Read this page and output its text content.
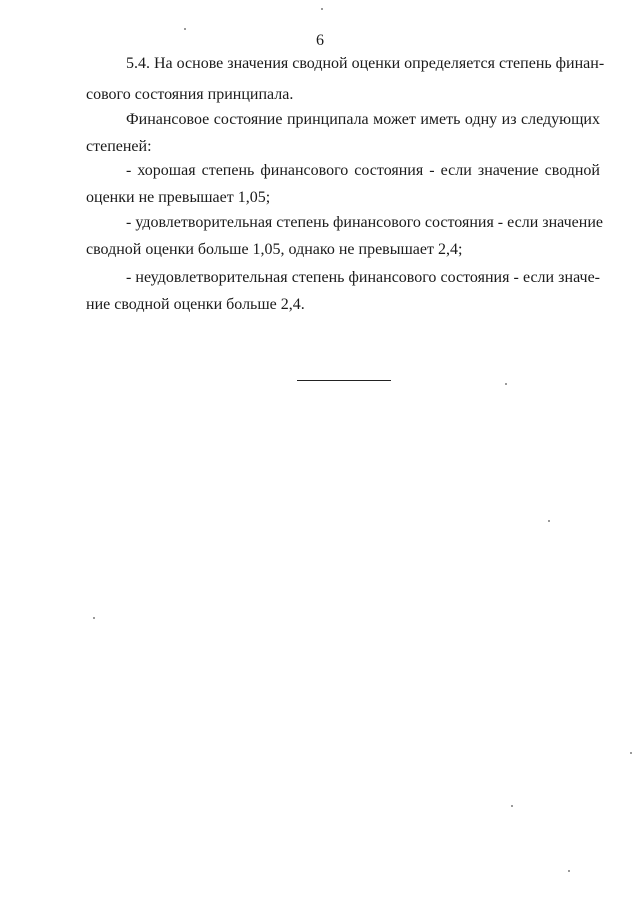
6
5.4. На основе значения сводной оценки определяется степень финан-
сового состояния принципала.
Финансовое состояние принципала может иметь одну из следующих
степеней:
- хорошая степень финансового состояния - если значение сводной
оценки не превышает 1,05;
- удовлетворительная степень финансового состояния - если значение
сводной оценки больше 1,05, однако не превышает 2,4;
- неудовлетворительная степень финансового состояния - если значе-
ние сводной оценки больше 2,4.
